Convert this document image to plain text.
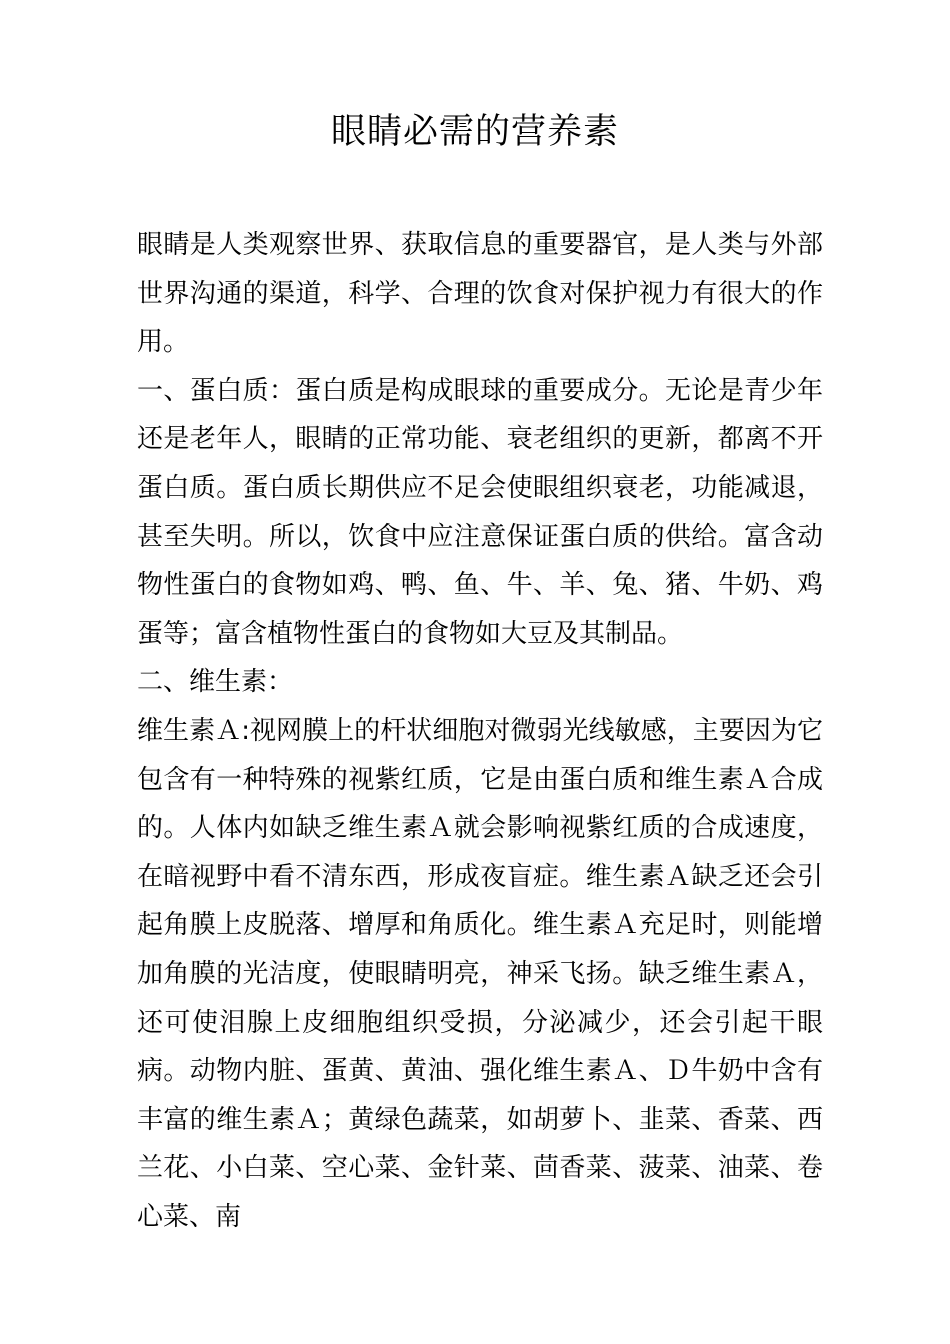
眼睛必需的营养素

眼睛是人类观察世界、获取信息的重要器官，是人类与外部世界沟通的渠道，科学、合理的饮食对保护视力有很大的作用。

一、蛋白质：蛋白质是构成眼球的重要成分。无论是青少年还是老年人，眼睛的正常功能、衰老组织的更新，都离不开蛋白质。蛋白质长期供应不足会使眼组织衰老，功能减退，甚至失明。所以，饮食中应注意保证蛋白质的供给。富含动物性蛋白的食物如鸡、鸭、鱼、牛、羊、兔、猪、牛奶、鸡蛋等；富含植物性蛋白的食物如大豆及其制品。

二、维生素：

维生素Ａ:视网膜上的杆状细胞对微弱光线敏感，主要因为它包含有一种特殊的视紫红质，它是由蛋白质和维生素Ａ合成的。人体内如缺乏维生素Ａ就会影响视紫红质的合成速度，在暗视野中看不清东西，形成夜盲症。维生素Ａ缺乏还会引起角膜上皮脱落、增厚和角质化。维生素Ａ充足时，则能增加角膜的光洁度，使眼睛明亮，神采飞扬。缺乏维生素Ａ，还可使泪腺上皮细胞组织受损，分泌减少，还会引起干眼病。动物内脏、蛋黄、黄油、强化维生素Ａ、Ｄ牛奶中含有丰富的维生素Ａ；黄绿色蔬菜，如胡萝卜、韭菜、香菜、西兰花、小白菜、空心菜、金针菜、茴香菜、菠菜、油菜、卷心菜、南
